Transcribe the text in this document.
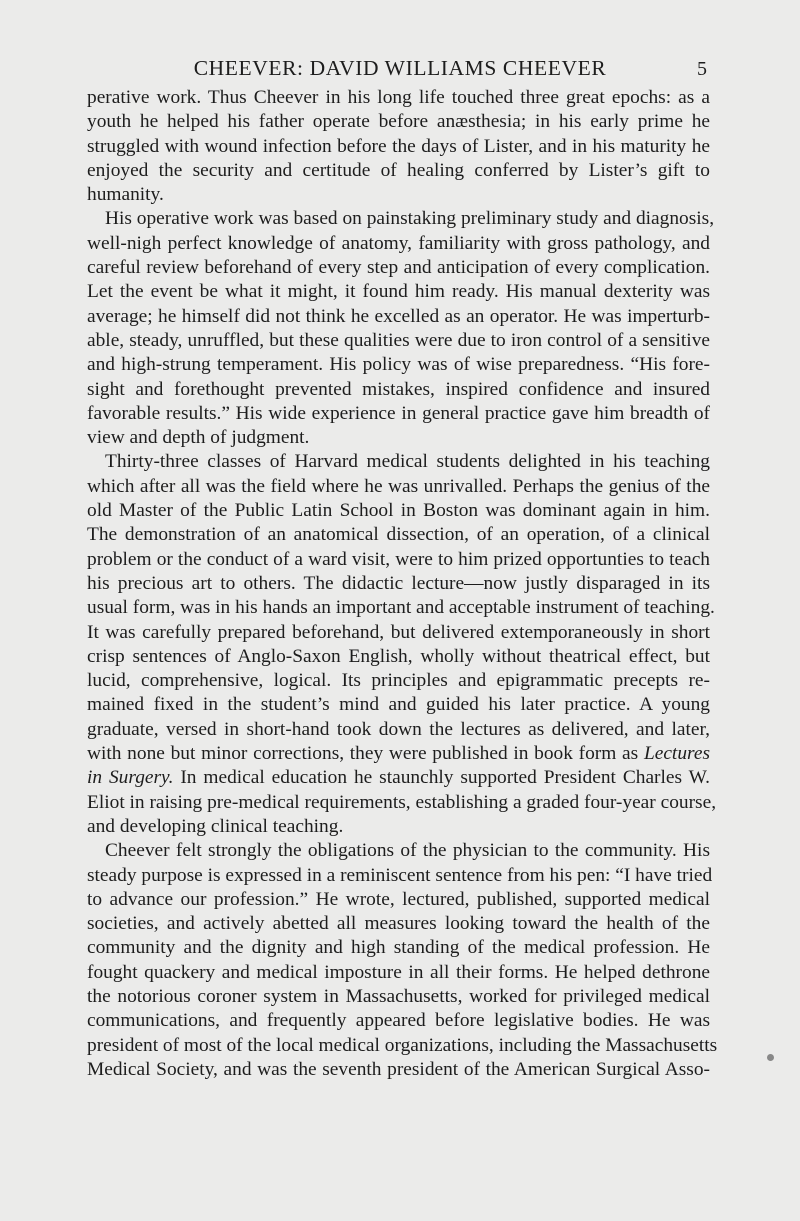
CHEEVER: DAVID WILLIAMS CHEEVER	5
perative work. Thus Cheever in his long life touched three great epochs: as a
youth he helped his father operate before anæsthesia; in his early prime he
struggled with wound infection before the days of Lister, and in his maturity he
enjoyed the security and certitude of healing conferred by Lister’s gift to
humanity.
His operative work was based on painstaking preliminary study and diagnosis,
well-nigh perfect knowledge of anatomy, familiarity with gross pathology, and
careful review beforehand of every step and anticipation of every complication.
Let the event be what it might, it found him ready. His manual dexterity was
average; he himself did not think he excelled as an operator. He was imperturb-
able, steady, unruffled, but these qualities were due to iron control of a sensitive
and high-strung temperament. His policy was of wise preparedness. “His fore-
sight and forethought prevented mistakes, inspired confidence and insured
favorable results.” His wide experience in general practice gave him breadth of
view and depth of judgment.
Thirty-three classes of Harvard medical students delighted in his teaching
which after all was the field where he was unrivalled. Perhaps the genius of the
old Master of the Public Latin School in Boston was dominant again in him.
The demonstration of an anatomical dissection, of an operation, of a clinical
problem or the conduct of a ward visit, were to him prized opportunties to teach
his precious art to others. The didactic lecture—now justly disparaged in its
usual form, was in his hands an important and acceptable instrument of teaching.
It was carefully prepared beforehand, but delivered extemporaneously in short
crisp sentences of Anglo-Saxon English, wholly without theatrical effect, but
lucid, comprehensive, logical. Its principles and epigrammatic precepts re-
mained fixed in the student’s mind and guided his later practice. A young
graduate, versed in short-hand took down the lectures as delivered, and later,
with none but minor corrections, they were published in book form as Lectures
in Surgery. In medical education he staunchly supported President Charles W.
Eliot in raising pre-medical requirements, establishing a graded four-year course,
and developing clinical teaching.
Cheever felt strongly the obligations of the physician to the community. His
steady purpose is expressed in a reminiscent sentence from his pen: “I have tried
to advance our profession.” He wrote, lectured, published, supported medical
societies, and actively abetted all measures looking toward the health of the
community and the dignity and high standing of the medical profession. He
fought quackery and medical imposture in all their forms. He helped dethrone
the notorious coroner system in Massachusetts, worked for privileged medical
communications, and frequently appeared before legislative bodies. He was
president of most of the local medical organizations, including the Massachusetts
Medical Society, and was the seventh president of the American Surgical Asso-
